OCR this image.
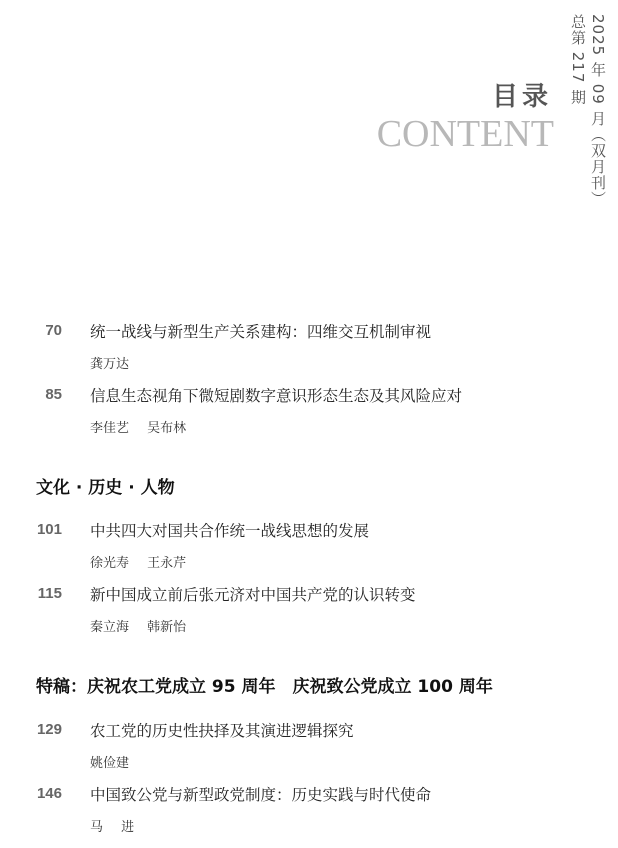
总第 217 期 2025 年 09 月（双月刊）
目录
CONTENT
70 统一战线与新型生产关系建构：四维交互机制审视
龚万达
85 信息生态视角下微短剧数字意识形态生态及其风险应对
李佳艺 吴布林
文化 · 历史 · 人物
101 中共四大对国共合作统一战线思想的发展
徐光寿 王永芹
115 新中国成立前后张元济对中国共产党的认识转变
秦立海 韩新怡
特稿：庆祝农工党成立 95 周年　庆祝致公党成立 100 周年
129 农工党的历史性抉择及其演进逻辑探究
姚俭建
146 中国致公党与新型政党制度：历史实践与时代使命
马 进
